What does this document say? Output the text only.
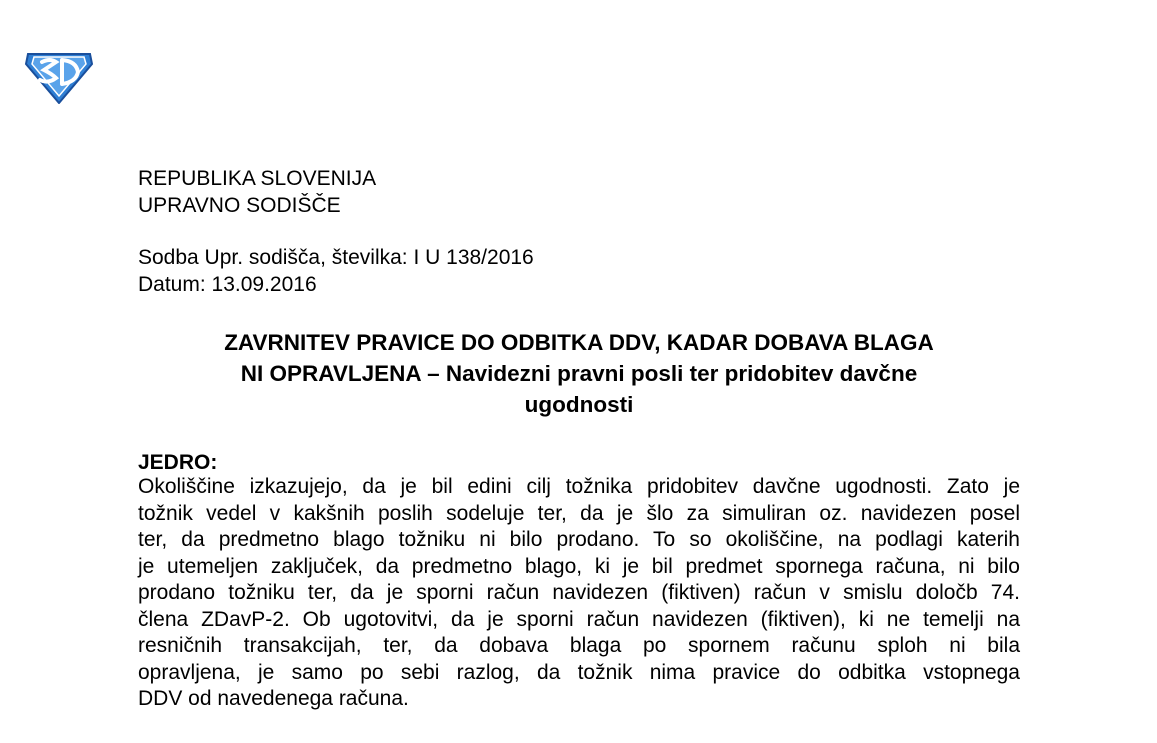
REPUBLIKA SLOVENIJA
UPRAVNO SODIŠČE
Sodba Upr. sodišča, številka: I U 138/2016
Datum: 13.09.2016
ZAVRNITEV PRAVICE DO ODBITKA DDV, KADAR DOBAVA BLAGA
NI OPRAVLJENA – Navidezni pravni posli ter pridobitev davčne
ugodnosti
JEDRO:
Okoliščine izkazujejo, da je bil edini cilj tožnika pridobitev davčne ugodnosti. Zato je
tožnik vedel v kakšnih poslih sodeluje ter, da je šlo za simuliran oz. navidezen posel
ter, da predmetno blago tožniku ni bilo prodano. To so okoliščine, na podlagi katerih
je utemeljen zaključek, da predmetno blago, ki je bil predmet spornega računa, ni bilo
prodano tožniku ter, da je sporni račun navidezen (fiktiven) račun v smislu določb 74.
člena ZDavP-2. Ob ugotovitvi, da je sporni račun navidezen (fiktiven), ki ne temelji na
resničnih transakcijah, ter, da dobava blaga po spornem računu sploh ni bila
opravljena, je samo po sebi razlog, da tožnik nima pravice do odbitka vstopnega
DDV od navedenega računa.
